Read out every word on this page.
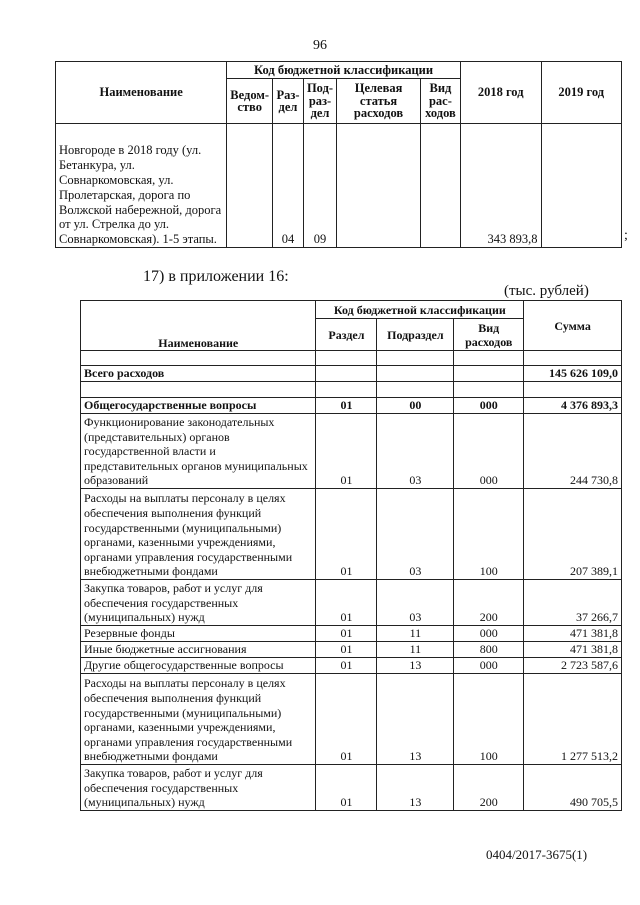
96
Наименование	Код бюджетной классификации					2018 год	2019 год
	Ведом-ство	Раз-дел	Под-раз-дел	Целевая статья расходов	Вид рас-ходов		
Новгороде в 2018 году (ул. Бетанкура, ул. Совнаркомовская, ул. Пролетарская, дорога по Волжской набережной, дорога от ул. Стрелка до ул. Совнаркомовская). 1-5 этапы.		04	09			343 893,8		;
17) в приложении 16:
(тыс. рублей)
Наименование	Код бюджетной классификации			Сумма
	Раздел	Подраздел	Вид расходов	

Всего расходов				145 626 109,0

Общегосударственные вопросы	01	00	000	4 376 893,3
Функционирование законодательных (представительных) органов государственной власти и представительных органов муниципальных образований	01	03	000	244 730,8
Расходы на выплаты персоналу в целях обеспечения выполнения функций государственными (муниципальными) органами, казенными учреждениями, органами управления государственными внебюджетными фондами	01	03	100	207 389,1
Закупка товаров, работ и услуг для обеспечения государственных (муниципальных) нужд	01	03	200	37 266,7
Резервные фонды	01	11	000	471 381,8
Иные бюджетные ассигнования	01	11	800	471 381,8
Другие общегосударственные вопросы	01	13	000	2 723 587,6
Расходы на выплаты персоналу в целях обеспечения выполнения функций государственными (муниципальными) органами, казенными учреждениями, органами управления государственными внебюджетными фондами	01	13	100	1 277 513,2
Закупка товаров, работ и услуг для обеспечения государственных (муниципальных) нужд	01	13	200	490 705,5
0404/2017-3675(1)
